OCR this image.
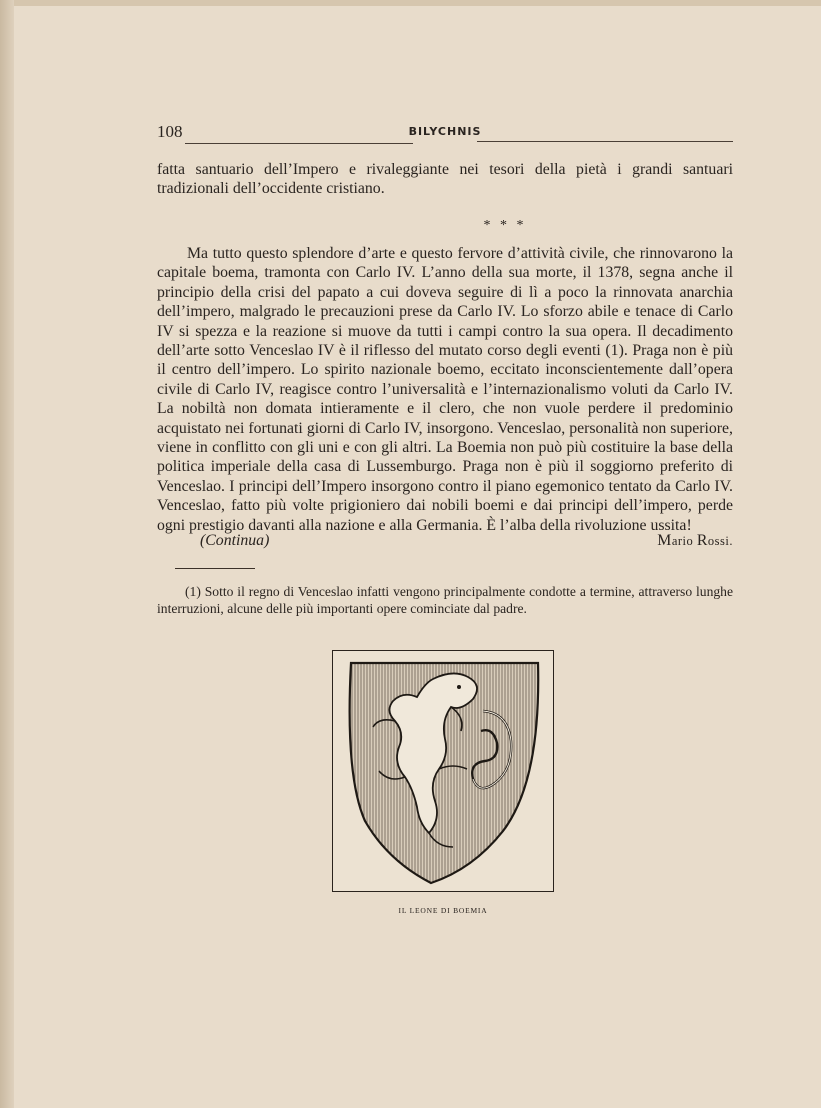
108	BILYCHNIS

fatta santuario dell’Impero e rivaleggiante nei tesori della pietà i grandi santuari tradizionali dell’occidente cristiano.

* * *

Ma tutto questo splendore d’arte e questo fervore d’attività civile, che rinnovarono la capitale boema, tramonta con Carlo IV. L’anno della sua morte, il 1378, segna anche il principio della crisi del papato a cui doveva seguire di lì a poco la rinnovata anarchia dell’impero, malgrado le precauzioni prese da Carlo IV. Lo sforzo abile e tenace di Carlo IV si spezza e la reazione si muove da tutti i campi contro la sua opera. Il decadimento dell’arte sotto Venceslao IV è il riflesso del mutato corso degli eventi (1). Praga non è più il centro dell’impero. Lo spirito nazionale boemo, eccitato inconscientemente dall’opera civile di Carlo IV, reagisce contro l’universalità e l’internazionalismo voluti da Carlo IV. La nobiltà non domata intieramente e il clero, che non vuole perdere il predominio acquistato nei fortunati giorni di Carlo IV, insorgono. Venceslao, personalità non superiore, viene in conflitto con gli uni e con gli altri. La Boemia non può più costituire la base della politica imperiale della casa di Lussemburgo. Praga non è più il soggiorno preferito di Venceslao. I principi dell’Impero insorgono contro il piano egemonico tentato da Carlo IV. Venceslao, fatto più volte prigioniero dai nobili boemi e dai principi dell’impero, perde ogni prestigio davanti alla nazione e alla Germania. È l’alba della rivoluzione ussita!

(Continua)	Mario Rossi.

(1) Sotto il regno di Venceslao infatti vengono principalmente condotte a termine, attraverso lunghe interruzioni, alcune delle più importanti opere cominciate dal padre.

IL LEONE DI BOEMIA
